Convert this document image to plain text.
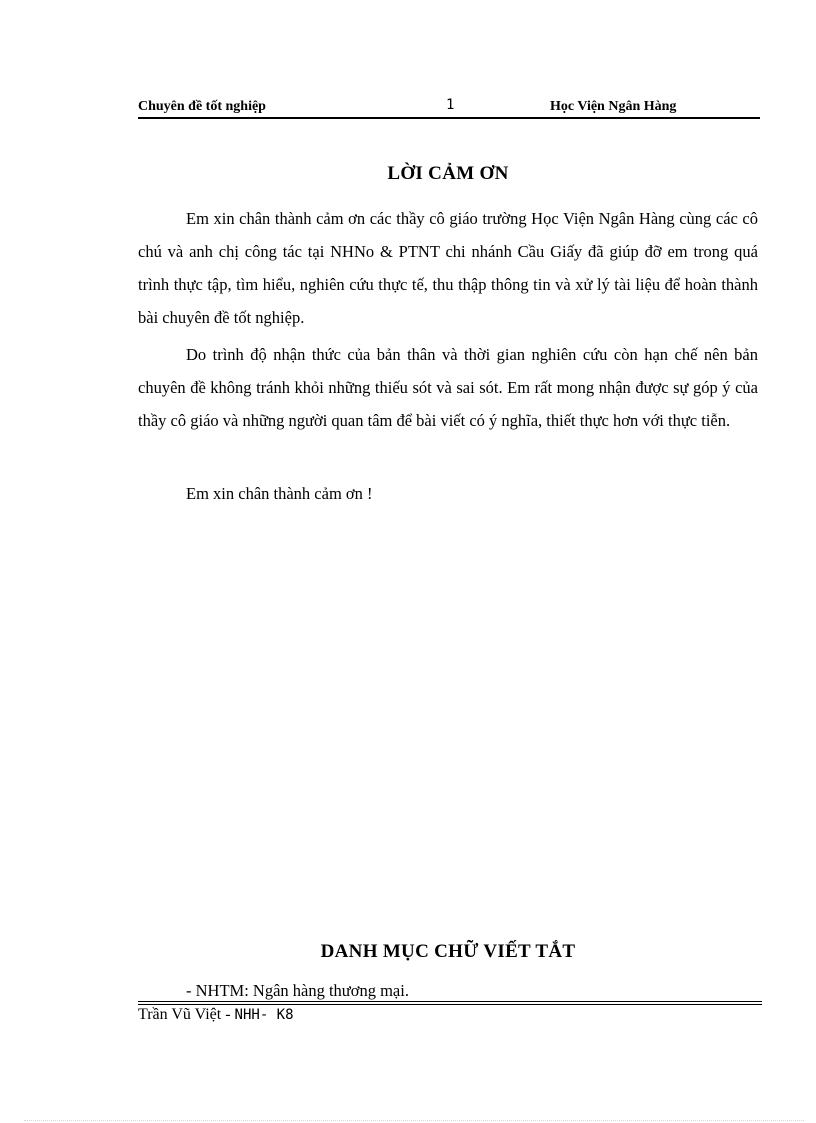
Chuyên đề tốt nghiệp	1	Học Viện Ngân Hàng
LỜI CẢM ƠN
Em xin chân thành cảm ơn các thầy cô giáo trường Học Viện Ngân Hàng cùng các cô chú và anh chị công tác tại NHNo & PTNT chi nhánh Cầu Giấy đã giúp đỡ em trong quá trình thực tập, tìm hiểu, nghiên cứu thực tế, thu thập thông tin và xử lý tài liệu để hoàn thành bài chuyên đề tốt nghiệp.
Do trình độ nhận thức của bản thân và thời gian nghiên cứu còn hạn chế nên bản chuyên đề không tránh khỏi những thiếu sót và sai sót. Em rất mong nhận được sự góp ý của thầy cô giáo và những người quan tâm để bài viết có ý nghĩa, thiết thực hơn với thực tiễn.
Em xin chân thành cảm ơn !
DANH MỤC CHỮ VIẾT TẮT
- NHTM: Ngân hàng thương mại.
Trần Vũ Việt - NHH- K8
